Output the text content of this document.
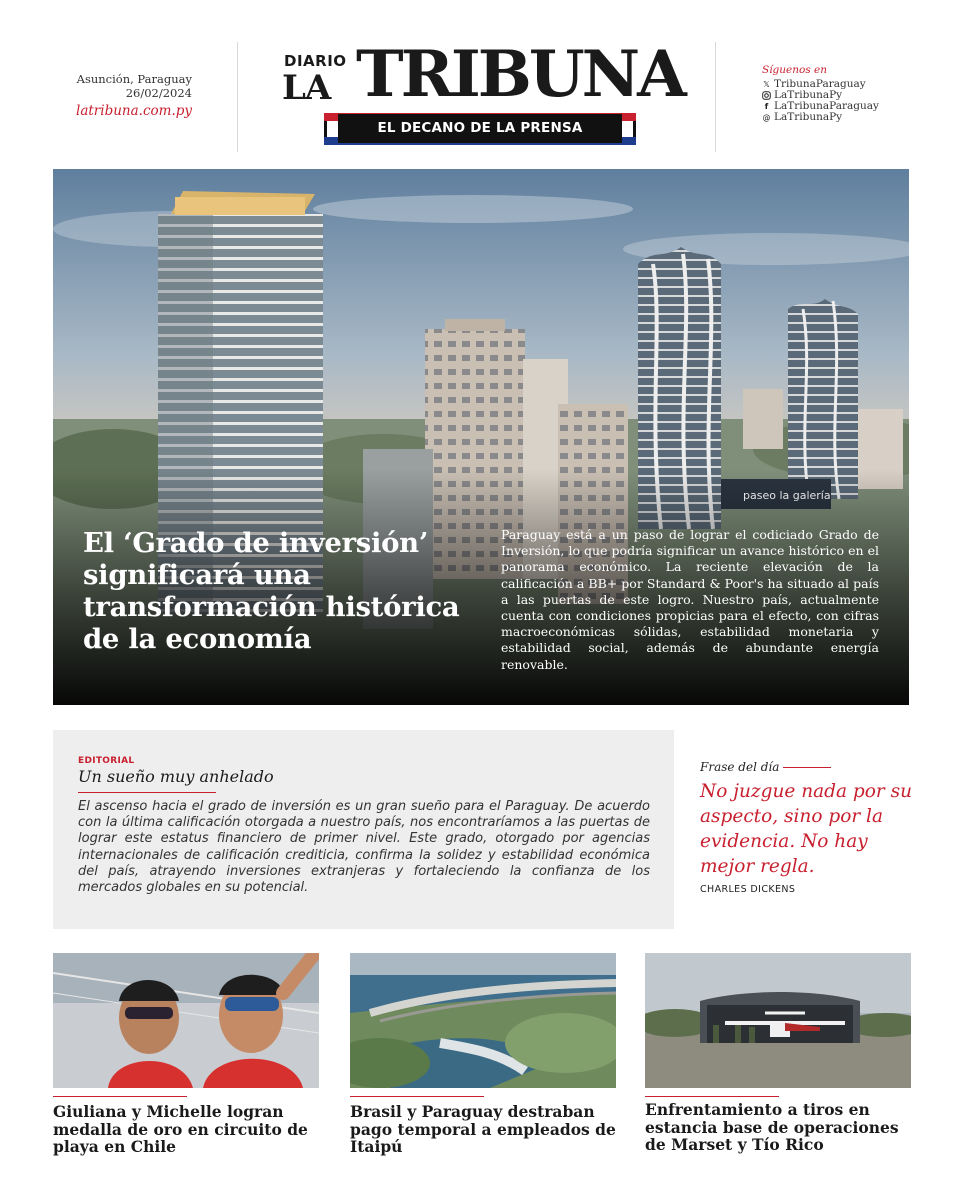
Asunción, Paraguay
26/02/2024
latribuna.com.py
DIARIO
LA TRIBUNA
EL DECANO DE LA PRENSA NACIONAL
Síguenos en
𝕏 TribunaParaguay
LaTribunaPy
f LaTribunaParaguay
@ LaTribunaPy
El ‘Grado de inversión’ significará una transformación histórica de la economía
Paraguay está a un paso de lograr el codiciado Grado de Inversión, lo que podría significar un avance histórico en el panorama económico. La reciente elevación de la calificación a BB+ por Standard & Poor's ha situado al país a las puertas de este logro. Nuestro país, actualmente cuenta con condiciones propicias para el efecto, con cifras macroeconómicas sólidas, estabilidad monetaria y estabilidad social, además de abundante energía renovable.
EDITORIAL
Un sueño muy anhelado
El ascenso hacia el grado de inversión es un gran sueño para el Paraguay. De acuerdo con la última calificación otorgada a nuestro país, nos encontraríamos a las puertas de lograr este estatus financiero de primer nivel. Este grado, otorgado por agencias internacionales de calificación crediticia, confirma la solidez y estabilidad económica del país, atrayendo inversiones extranjeras y fortaleciendo la confianza de los mercados globales en su potencial.
Frase del día
No juzgue nada por su aspecto, sino por la evidencia. No hay mejor regla.
CHARLES DICKENS
Giuliana y Michelle logran medalla de oro en circuito de playa en Chile
Brasil y Paraguay destraban pago temporal a empleados de Itaipú
Enfrentamiento a tiros en estancia base de operaciones de Marset y Tío Rico
